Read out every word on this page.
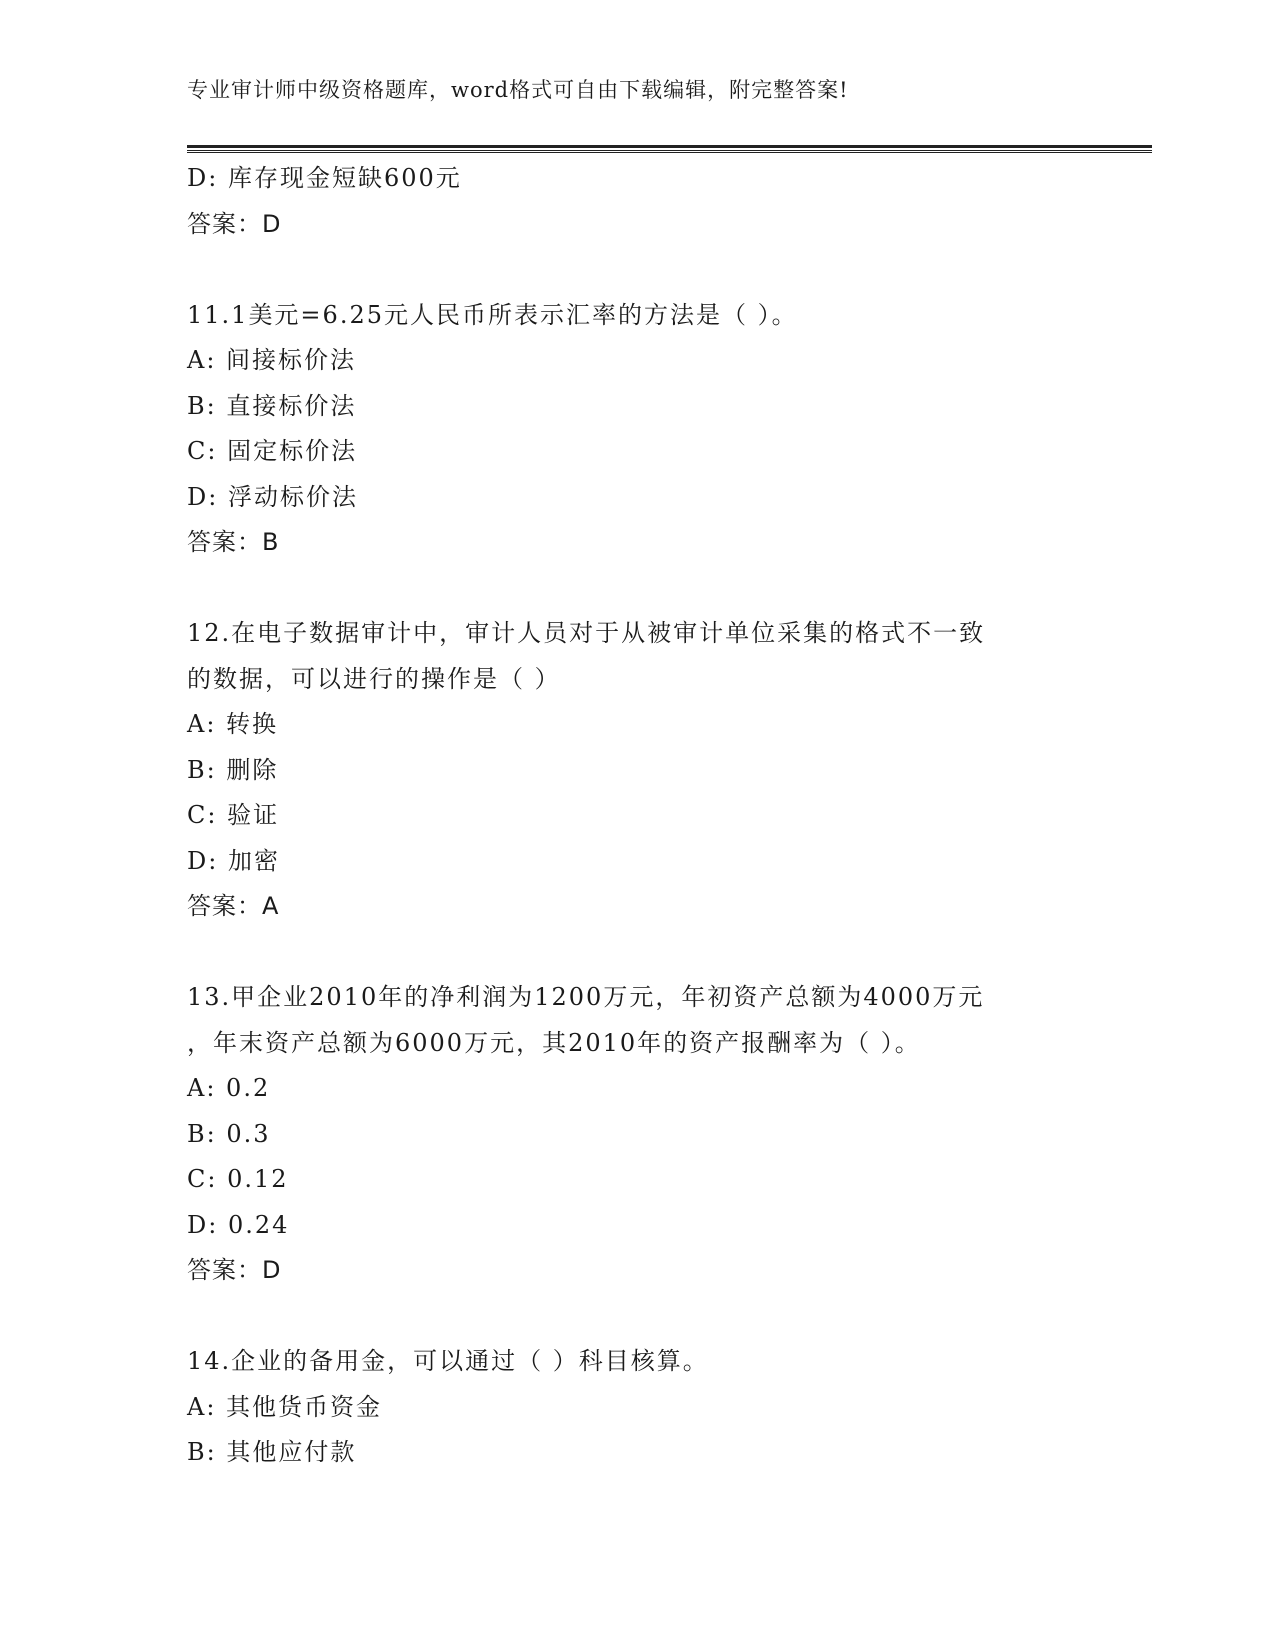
专业审计师中级资格题库，word格式可自由下载编辑，附完整答案!
D: 库存现金短缺600元
答案：D
11.1美元=6.25元人民币所表示汇率的方法是（ ）。
A: 间接标价法
B: 直接标价法
C: 固定标价法
D: 浮动标价法
答案：B
12.在电子数据审计中，审计人员对于从被审计单位采集的格式不一致
的数据，可以进行的操作是（ ）
A: 转换
B: 删除
C: 验证
D: 加密
答案：A
13.甲企业2010年的净利润为1200万元，年初资产总额为4000万元
，年末资产总额为6000万元，其2010年的资产报酬率为（ ）。
A: 0.2
B: 0.3
C: 0.12
D: 0.24
答案：D
14.企业的备用金，可以通过（ ）科目核算。
A: 其他货币资金
B: 其他应付款
